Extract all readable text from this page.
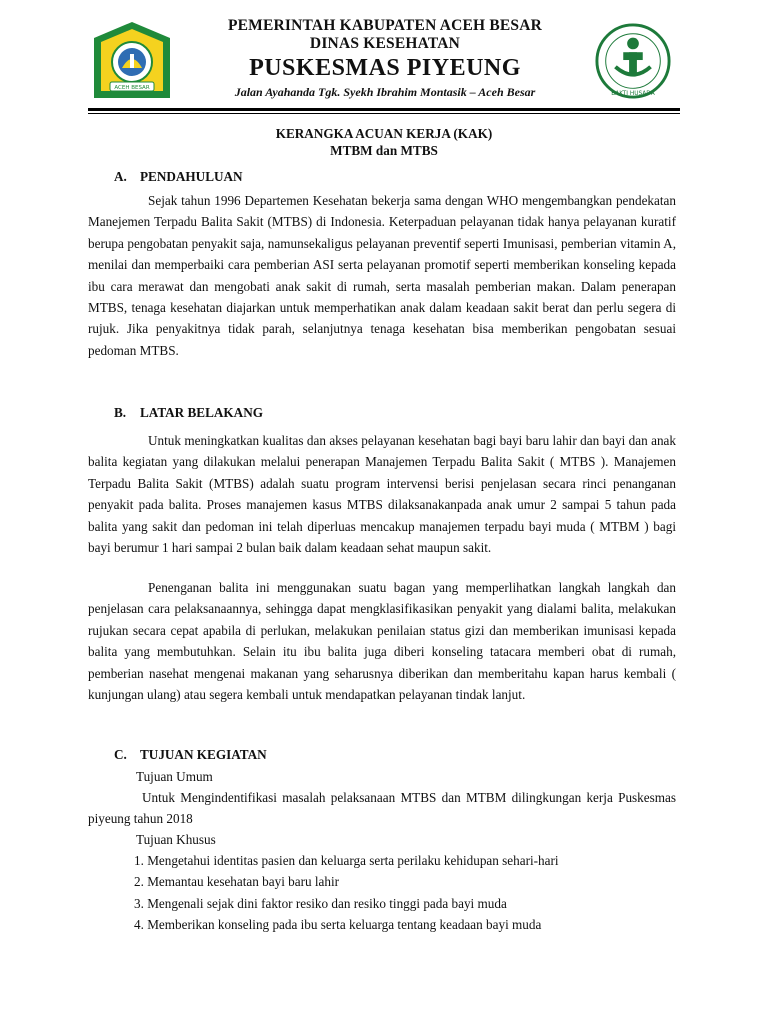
ACEH BESAR
PEMERINTAH KABUPATEN ACEH BESAR
DINAS KESEHATAN
PUSKESMAS PIYEUNG
Jalan Ayahanda Tgk. Syekh Ibrahim Montasik – Aceh Besar	BAKTI HUSADA
KERANGKA ACUAN KERJA (KAK)
MTBM dan MTBS
A. PENDAHULUAN

Sejak tahun 1996 Departemen Kesehatan bekerja sama dengan WHO mengembangkan pendekatan Manejemen Terpadu Balita Sakit (MTBS) di Indonesia. Keterpaduan pelayanan tidak hanya pelayanan kuratif berupa pengobatan penyakit saja, namunsekaligus pelayanan preventif seperti Imunisasi, pemberian vitamin A, menilai dan memperbaiki cara pemberian ASI serta pelayanan promotif seperti memberikan konseling kepada ibu cara merawat dan mengobati anak sakit di rumah, serta masalah pemberian makan. Dalam penerapan MTBS, tenaga kesehatan diajarkan untuk memperhatikan anak dalam keadaan sakit berat dan perlu segera di rujuk. Jika penyakitnya tidak parah, selanjutnya tenaga kesehatan bisa memberikan pengobatan sesuai pedoman MTBS.

B. LATAR BELAKANG

Untuk meningkatkan kualitas dan akses pelayanan kesehatan bagi bayi baru lahir dan bayi dan anak balita kegiatan yang dilakukan melalui penerapan Manajemen Terpadu Balita Sakit ( MTBS ). Manajemen Terpadu Balita Sakit (MTBS) adalah suatu program intervensi berisi penjelasan secara rinci penanganan penyakit pada balita. Proses manajemen kasus MTBS dilaksanakanpada anak umur 2 sampai 5 tahun pada balita yang sakit dan pedoman ini telah diperluas mencakup manajemen terpadu bayi muda ( MTBM ) bagi bayi berumur 1 hari sampai 2 bulan baik dalam keadaan sehat maupun sakit.

Penenganan balita ini menggunakan suatu bagan yang memperlihatkan langkah langkah dan penjelasan cara pelaksanaannya, sehingga dapat mengklasifikasikan penyakit yang dialami balita, melakukan rujukan secara cepat apabila di perlukan, melakukan penilaian status gizi dan memberikan imunisasi kepada balita yang membutuhkan. Selain itu ibu balita juga diberi konseling tatacara memberi obat di rumah, pemberian nasehat mengenai makanan yang seharusnya diberikan dan memberitahu kapan harus kembali ( kunjungan ulang) atau segera kembali untuk mendapatkan pelayanan tindak lanjut.

C. TUJUAN KEGIATAN
Tujuan Umum

Untuk Mengindentifikasi masalah pelaksanaan MTBS dan MTBM dilingkungan kerja Puskesmas piyeung tahun 2018

Tujuan Khusus
1. Mengetahui identitas pasien dan keluarga serta perilaku kehidupan sehari-hari
2. Memantau kesehatan bayi baru lahir
3. Mengenali sejak dini faktor resiko dan resiko tinggi pada bayi muda
4. Memberikan konseling pada ibu serta keluarga tentang keadaan bayi muda
